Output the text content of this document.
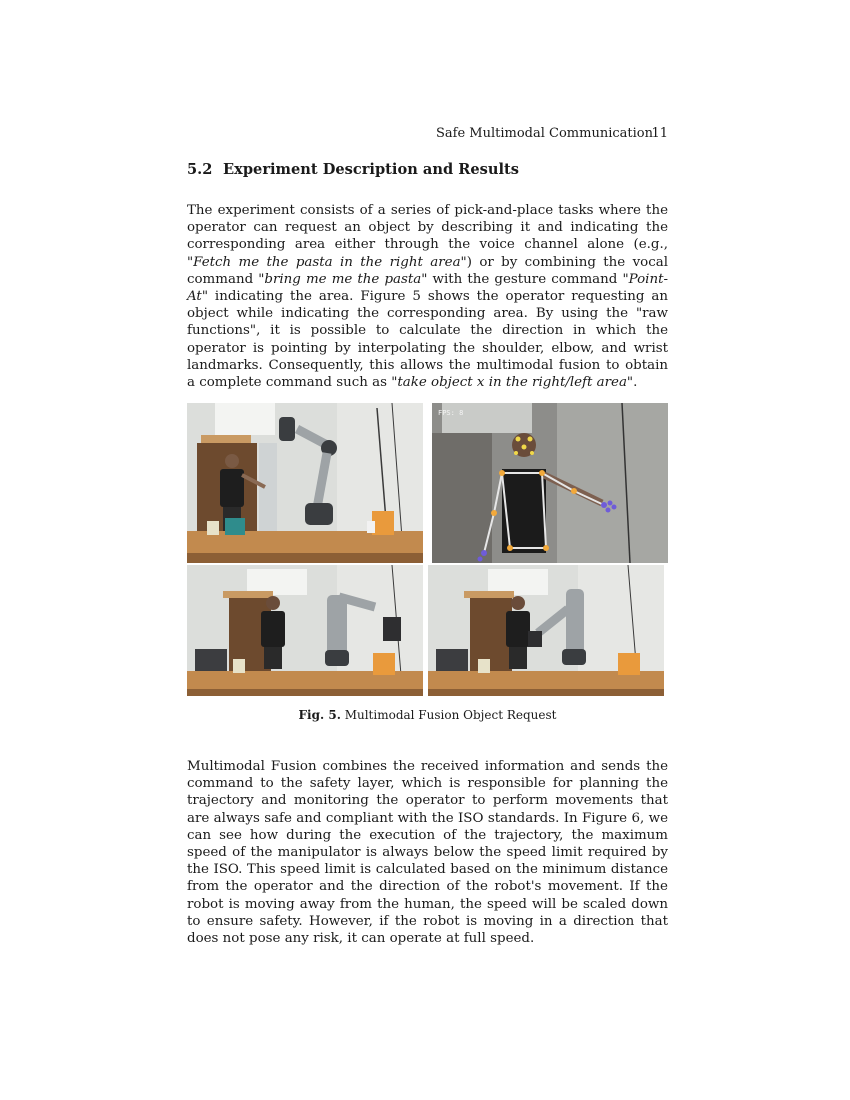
Safe Multimodal Communication
11
5.2 Experiment Description and Results

The experiment consists of a series of pick-and-place tasks where the operator can request an object by describing it and indicating the corresponding area either through the voice channel alone (e.g., "Fetch me the pasta in the right area") or by combining the vocal command "bring me me the pasta" with the gesture command "Point-At" indicating the area. Figure 5 shows the operator requesting an object while indicating the corresponding area. By using the "raw functions", it is possible to calculate the direction in which the operator is pointing by interpolating the shoulder, elbow, and wrist landmarks. Consequently, this allows the multimodal fusion to obtain a complete command such as "take object x in the right/left area".

FPS: 8
Fig. 5. Multimodal Fusion Object Request

Multimodal Fusion combines the received information and sends the command to the safety layer, which is responsible for planning the trajectory and monitoring the operator to perform movements that are always safe and compliant with the ISO standards. In Figure 6, we can see how during the execution of the trajectory, the maximum speed of the manipulator is always below the speed limit required by the ISO. This speed limit is calculated based on the minimum distance from the operator and the direction of the robot's movement. If the robot is moving away from the human, the speed will be scaled down to ensure safety. However, if the robot is moving in a direction that does not pose any risk, it can operate at full speed.
